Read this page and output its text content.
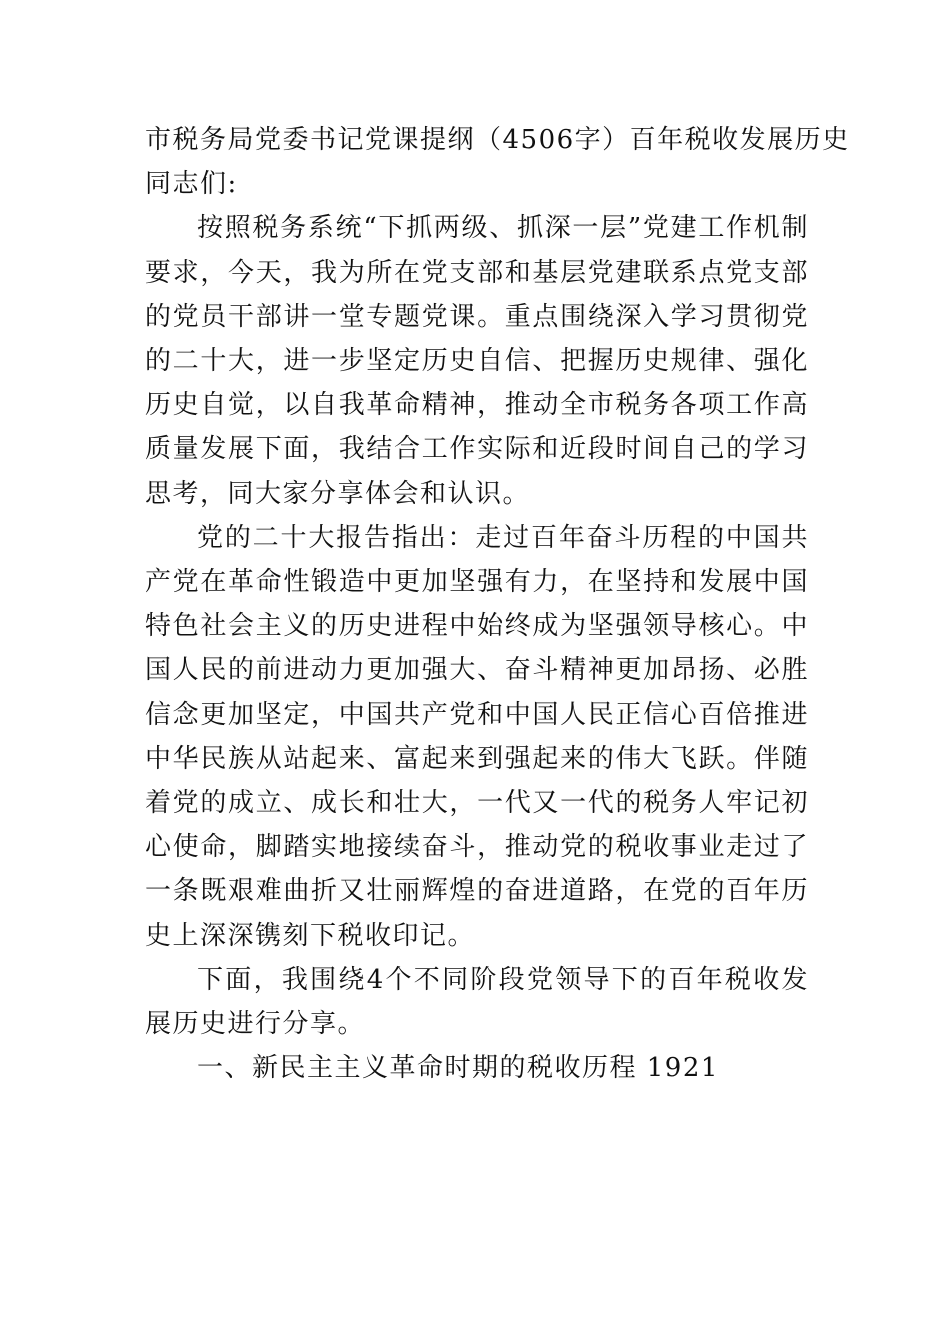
市税务局党委书记党课提纲（4506字）百年税收发展历史

同志们:

按照税务系统“下抓两级、抓深一层”党建工作机制要求，今天，我为所在党支部和基层党建联系点党支部的党员干部讲一堂专题党课。重点围绕深入学习贯彻党的二十大，进一步坚定历史自信、把握历史规律、强化历史自觉，以自我革命精神，推动全市税务各项工作高质量发展下面，我结合工作实际和近段时间自己的学习思考，同大家分享体会和认识。

党的二十大报告指出：走过百年奋斗历程的中国共产党在革命性锻造中更加坚强有力，在坚持和发展中国特色社会主义的历史进程中始终成为坚强领导核心。中国人民的前进动力更加强大、奋斗精神更加昂扬、必胜信念更加坚定，中国共产党和中国人民正信心百倍推进中华民族从站起来、富起来到强起来的伟大飞跃。伴随着党的成立、成长和壮大，一代又一代的税务人牢记初心使命，脚踏实地接续奋斗，推动党的税收事业走过了一条既艰难曲折又壮丽辉煌的奋进道路，在党的百年历史上深深镌刻下税收印记。

下面，我围绕4个不同阶段党领导下的百年税收发展历史进行分享。

一、新民主主义革命时期的税收历程 1921
